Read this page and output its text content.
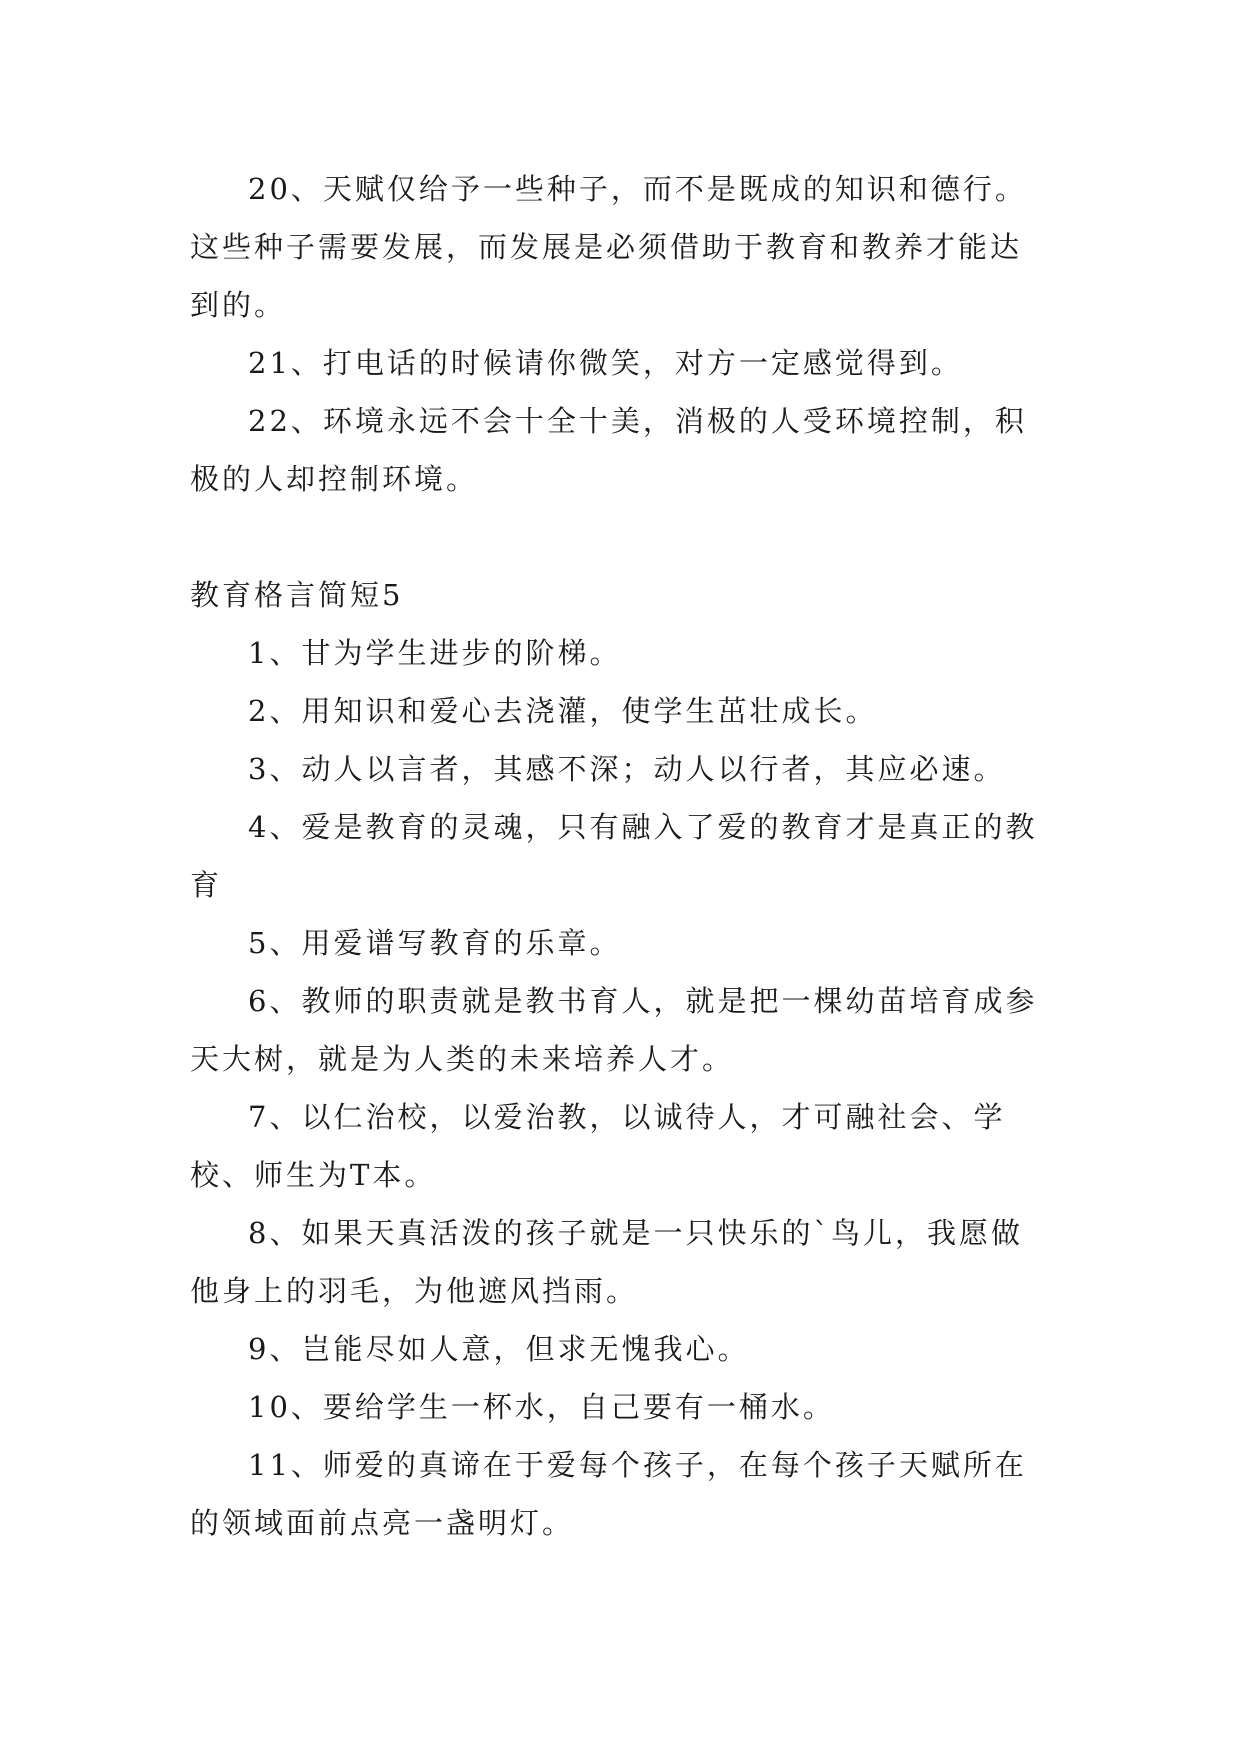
20、天赋仅给予一些种子，而不是既成的知识和德行。这些种子需要发展，而发展是必须借助于教育和教养才能达到的。

21、打电话的时候请你微笑，对方一定感觉得到。

22、环境永远不会十全十美，消极的人受环境控制，积极的人却控制环境。

教育格言简短5

1、甘为学生进步的阶梯。

2、用知识和爱心去浇灌，使学生茁壮成长。

3、动人以言者，其感不深；动人以行者，其应必速。

4、爱是教育的灵魂，只有融入了爱的教育才是真正的教育

5、用爱谱写教育的乐章。

6、教师的职责就是教书育人，就是把一棵幼苗培育成参天大树，就是为人类的未来培养人才。

7、以仁治校，以爱治教，以诚待人，才可融社会、学校、师生为Т本。

8、如果天真活泼的孩子就是一只快乐的`鸟儿，我愿做他身上的羽毛，为他遮风挡雨。

9、岂能尽如人意，但求无愧我心。

10、要给学生一杯水，自己要有一桶水。

11、师爱的真谛在于爱每个孩子，在每个孩子天赋所在的领域面前点亮一盏明灯。
